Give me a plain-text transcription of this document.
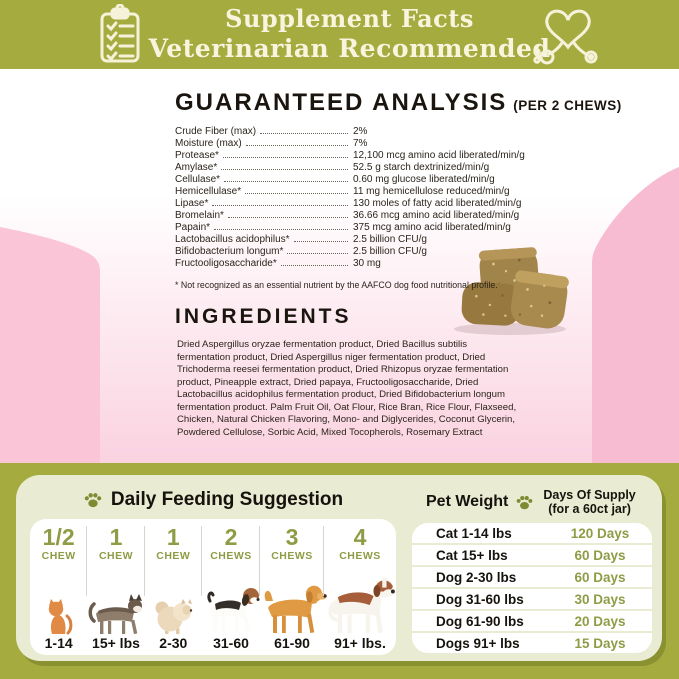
Supplement Facts
Veterinarian Recommended
GUARANTEED ANALYSIS (PER 2 CHEWS)
Crude Fiber (max)	2%
Moisture (max)	7%
Protease*	12,100 mcg amino acid liberated/min/g
Amylase*	52.5 g starch dextrinized/min/g
Cellulase*	0.60 mg glucose liberated/min/g
Hemicellulase*	11 mg hemicellulose reduced/min/g
Lipase*	130 moles of fatty acid liberated/min/g
Bromelain*	36.66 mcg amino acid liberated/min/g
Papain*	375 mcg amino acid liberated/min/g
Lactobacillus acidophilus*	2.5 billion CFU/g
Bifidobacterium longum*	2.5 billion CFU/g
Fructooligosaccharide*	30 mg

* Not recognized as an essential nutrient by the AAFCO dog food nutritional profile.

INGREDIENTS

Dried Aspergillus oryzae fermentation product, Dried Bacillus subtilis fermentation product, Dried Aspergillus niger fermentation product, Dried Trichoderma reesei fermentation product, Dried Rhizopus oryzae fermentation product, Pineapple extract, Dried papaya, Fructooligosaccharide, Dried Lactobacillus acidophilus fermentation product, Dried Bifidobacterium longum fermentation product. Palm Fruit Oil, Oat Flour, Rice Bran, Rice Flour, Flaxseed, Chicken, Natural Chicken Flavoring, Mono- and Diglycerides, Coconut Glycerin, Powdered Cellulose, Sorbic Acid, Mixed Tocopherols, Rosemary Extract

Daily Feeding Suggestion
1/2
CHEW
1-14
1
CHEW
15+ lbs
1
CHEW
2-30
2
CHEWS
31-60
3
CHEWS
61-90
4
CHEWS
91+ lbs.
Pet Weight	Days Of Supply
(for a 60ct jar)
Cat 1-14 lbs	120 Days
Cat 15+ lbs	60 Days
Dog 2-30 lbs	60 Days
Dog 31-60 lbs	30 Days
Dog 61-90 lbs	20 Days
Dogs 91+ lbs	15 Days
